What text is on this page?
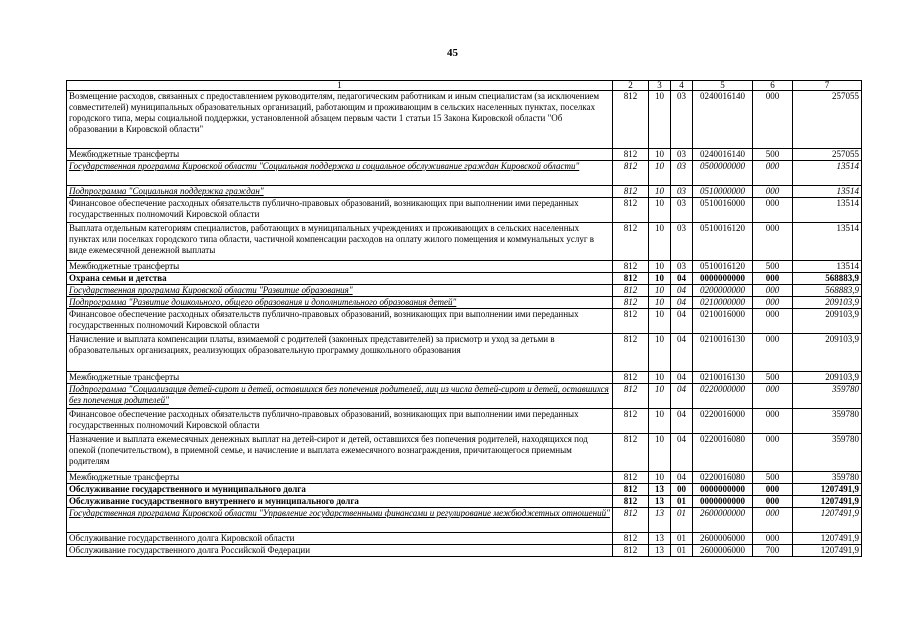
45
1	2	3	4	5	6	7
Возмещение расходов, связанных с предоставлением руководителям, педагогическим работникам и иным специалистам (за исключением совместителей) муниципальных образовательных организаций, работающим и проживающим в сельских населенных пунктах, поселках городского типа, меры социальной поддержки, установленной абзацем первым части 1 статьи 15 Закона Кировской области "Об образовании в Кировской области"	812	10	03	0240016140	000	257055
Межбюджетные трансферты	812	10	03	0240016140	500	257055
Государственная программа Кировской области "Социальная поддержка и социальное обслуживание граждан Кировской области"	812	10	03	0500000000	000	13514
Подпрограмма "Социальная поддержка граждан"	812	10	03	0510000000	000	13514
Финансовое обеспечение расходных обязательств публично-правовых образований, возникающих при выполнении ими переданных государственных полномочий Кировской области	812	10	03	0510016000	000	13514
Выплата отдельным категориям специалистов, работающих в муниципальных учреждениях и проживающих в сельских населенных пунктах или поселках городского типа области, частичной компенсации расходов на оплату жилого помещения и коммунальных услуг в виде ежемесячной денежной выплаты	812	10	03	0510016120	000	13514
Межбюджетные трансферты	812	10	03	0510016120	500	13514
Охрана семьи и детства	812	10	04	0000000000	000	568883,9
Государственная программа Кировской области "Развитие образования"	812	10	04	0200000000	000	568883,9
Подпрограмма "Развитие дошкольного, общего образования и дополнительного образования детей"	812	10	04	0210000000	000	209103,9
Финансовое обеспечение расходных обязательств публично-правовых образований, возникающих при выполнении ими переданных государственных полномочий Кировской области	812	10	04	0210016000	000	209103,9
Начисление и выплата компенсации платы, взимаемой с родителей (законных представителей) за присмотр и уход за детьми в образовательных организациях, реализующих образовательную программу дошкольного образования	812	10	04	0210016130	000	209103,9
Межбюджетные трансферты	812	10	04	0210016130	500	209103,9
Подпрограмма "Социализация детей-сирот и детей, оставшихся без попечения родителей, лиц из числа детей-сирот и детей, оставшихся без попечения родителей"	812	10	04	0220000000	000	359780
Финансовое обеспечение расходных обязательств публично-правовых образований, возникающих при выполнении ими переданных государственных полномочий Кировской области	812	10	04	0220016000	000	359780
Назначение и выплата ежемесячных денежных выплат на детей-сирот и детей, оставшихся без попечения родителей, находящихся под опекой (попечительством), в приемной семье, и начисление и выплата ежемесячного вознаграждения, причитающегося приемным родителям	812	10	04	0220016080	000	359780
Межбюджетные трансферты	812	10	04	0220016080	500	359780
Обслуживание государственного и муниципального долга	812	13	00	0000000000	000	1207491,9
Обслуживание государственного внутреннего и муниципального долга	812	13	01	0000000000	000	1207491,9
Государственная программа Кировской области "Управление государственными финансами и регулирование межбюджетных отношений"	812	13	01	2600000000	000	1207491,9
Обслуживание государственного долга Кировской области	812	13	01	2600006000	000	1207491,9
Обслуживание государственного долга Российской Федерации	812	13	01	2600006000	700	1207491,9
